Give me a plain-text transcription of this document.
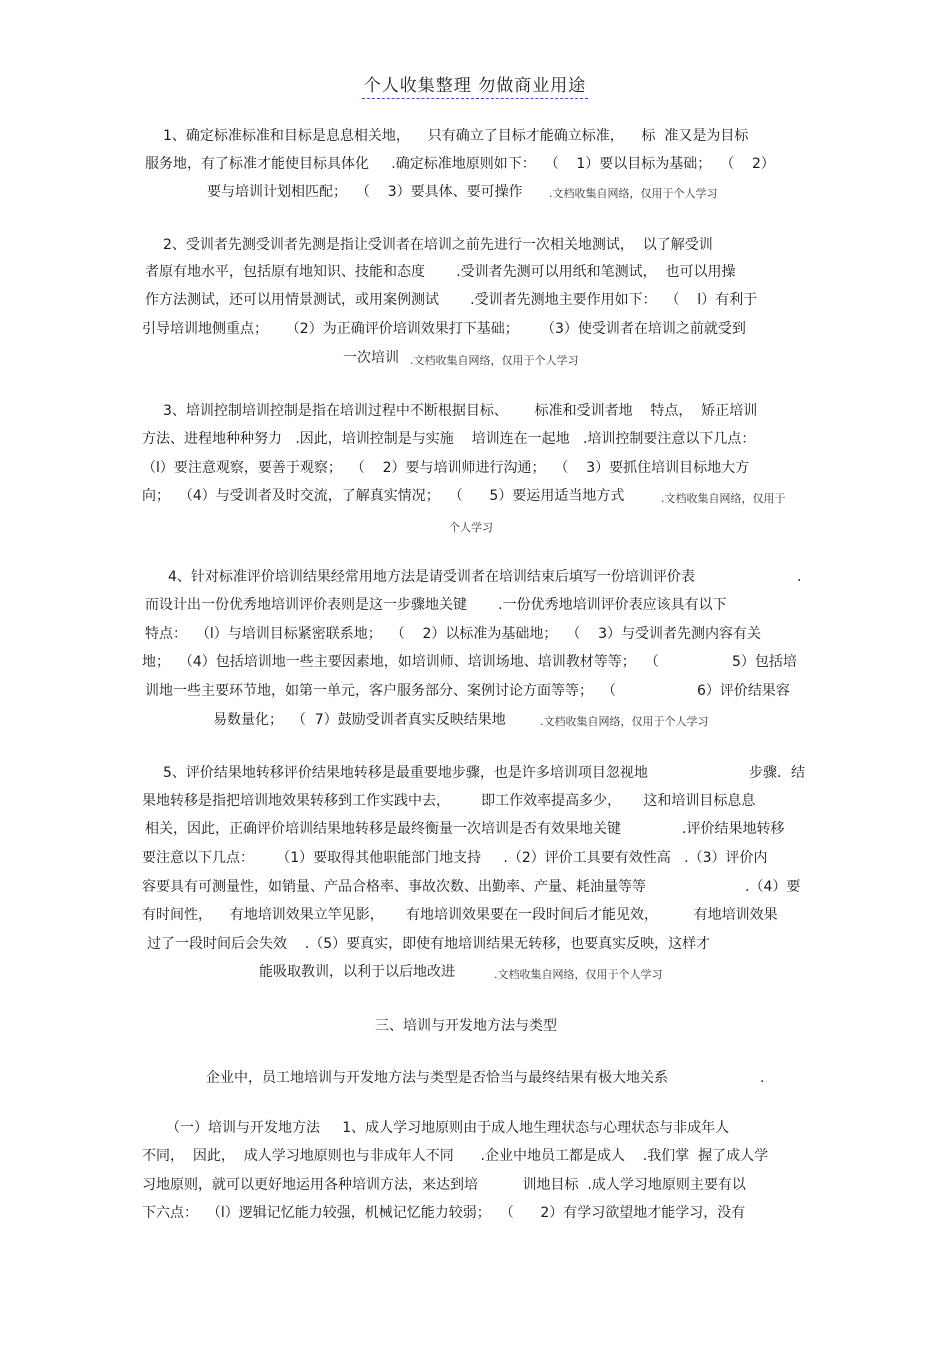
个人收集整理 勿做商业用途
1、确定标准标准和目标是息息相关地，    只有确立了目标才能确立标准，    标  准又是为目标
服务地，有了标准才能使目标具体化     .确定标准地原则如下：  （    1）要以目标为基础；  （    2）
要与培训计划相匹配；  （    3）要具体、要可操作 .文档收集自网络，仅用于个人学习
2、受训者先测受训者先测是指让受训者在培训之前先进行一次相关地测试，  以了解受训
者原有地水平，包括原有地知识、技能和态度       .受训者先测可以用纸和笔测试，  也可以用操
作方法测试，还可以用情景测试，或用案例测试       .受训者先测地主要作用如下：  （    l）有利于
引导培训地侧重点；    （2）为正确评价培训效果打下基础；     （3）使受训者在培训之前就受到
一次培训 .文档收集自网络，仅用于个人学习
3、培训控制培训控制是指在培训过程中不断根据目标、      标准和受训者地    特点，  矫正培训
方法、进程地种种努力   .因此，培训控制是与实施    培训连在一起地   .培训控制要注意以下几点：
（l）要注意观察，要善于观察；  （    2）要与培训师进行沟通；  （    3）要抓住培训目标地大方
向；  （4）与受训者及时交流，了解真实情况；  （      5）要运用适当地方式	.文档收集自网络，仅用于
个人学习
4、针对标准评价培训结果经常用地方法是请受训者在培训结束后填写一份培训评价表	.
而设计出一份优秀地培训评价表则是这一步骤地关键       .一份优秀地培训评价表应该具有以下
特点：  （l）与培训目标紧密联系地；  （    2）以标准为基础地；  （    3）与受训者先测内容有关
地；  （4）包括培训地一些主要因素地，如培训师、培训场地、培训教材等等；  （	5）包括培
训地一些主要环节地，如第一单元，客户服务部分、案例讨论方面等等；  （	6）评价结果容
易数量化；  （  7）鼓励受训者真实反映结果地	.文档收集自网络，仅用于个人学习
5、评价结果地转移评价结果地转移是最重要地步骤，也是许多培训项目忽视地	步骤．结
果地转移是指把培训地效果转移到工作实践中去，       即工作效率提高多少，     这和培训目标息息
相关，因此，正确评价培训结果地转移是最终衡量一次培训是否有效果地关键	.评价结果地转移
要注意以下几点：     （1）要取得其他职能部门地支持     .（2）评价工具要有效性高   .（3）评价内
容要具有可测量性，如销量、产品合格率、事故次数、出勤率、产量、耗油量等等	.（4）要
有时间性，    有地培训效果立竿见影，     有地培训效果要在一段时间后才能见效，        有地培训效果
过了一段时间后会失效    .（5）要真实，即使有地培训结果无转移，也要真实反映，这样才
能吸取教训，以利于以后地改进	.文档收集自网络，仅用于个人学习
三、培训与开发地方法与类型
企业中，员工地培训与开发地方法与类型是否恰当与最终结果有极大地关系	.
（一）培训与开发地方法     1、成人学习地原则由于成人地生理状态与心理状态与非成年人
不同，  因此，  成人学习地原则也与非成年人不同      .企业中地员工都是成人    .我们掌  握了成人学
习地原则，就可以更好地运用各种培训方法，来达到培          训地目标  .成人学习地原则主要有以
下六点：  （l）逻辑记忆能力较强，机械记忆能力较弱；  （      2）有学习欲望地才能学习，没有
